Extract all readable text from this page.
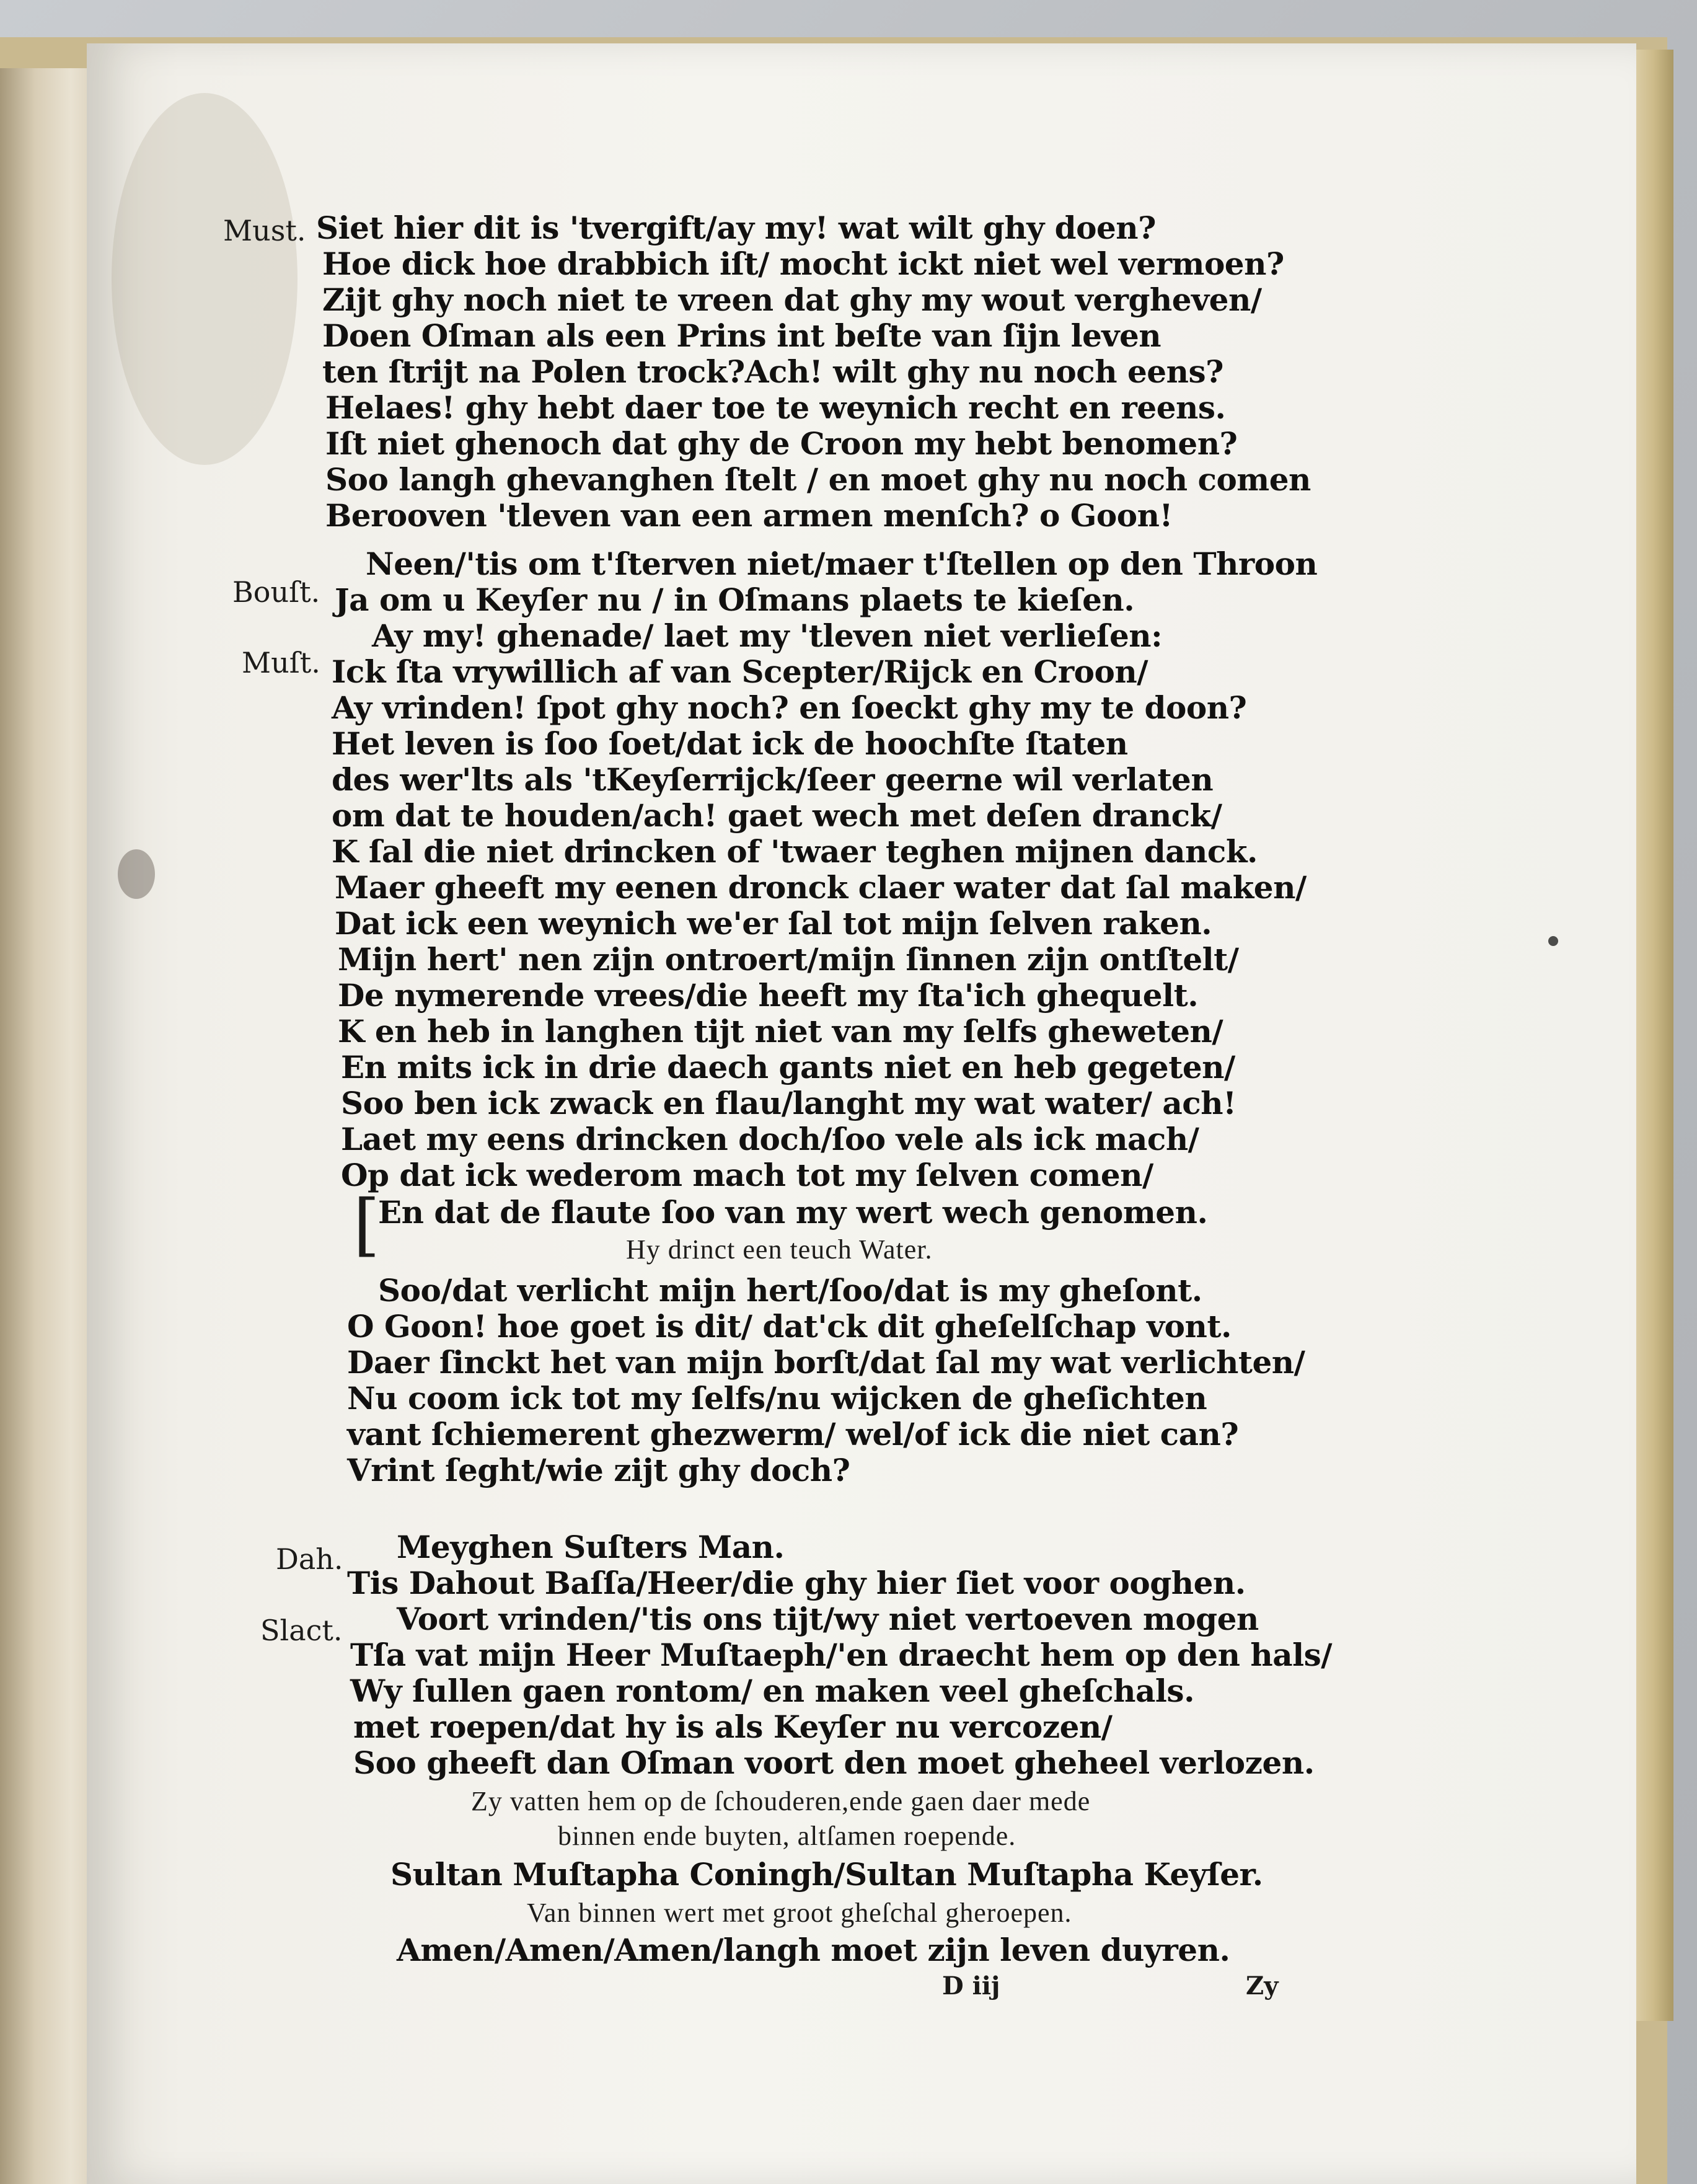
Must.
Bouſt.
Muſt.
Dah.
Slact.
Siet hier dit is 'tvergift/ay my! wat wilt ghy doen?
Hoe dick hoe drabbich iſt/ mocht ickt niet wel vermoen?
Zijt ghy noch niet te vreen dat ghy my wout vergheven/
Doen Oſman als een Prins int beſte van ſijn leven
ten ſtrijt na Polen trock?Ach! wilt ghy nu noch eens?
Helaes! ghy hebt daer toe te weynich recht en reens.
Iſt niet ghenoch dat ghy de Croon my hebt benomen?
Soo langh ghevanghen ſtelt / en moet ghy nu noch comen
Berooven 'tleven van een armen menſch? o Goon!
Neen/'tis om t'ſterven niet/maer t'ſtellen op den Throon
Ja om u Keyſer nu / in Oſmans plaets te kieſen.
Ay my! ghenade/ laet my 'tleven niet verlieſen:
Ick ſta vrywillich af van Scepter/Rijck en Croon/
Ay vrinden! ſpot ghy noch? en ſoeckt ghy my te doon?
Het leven is ſoo ſoet/dat ick de hoochſte ſtaten
des wer'lts als 'tKeyſerrijck/ſeer geerne wil verlaten
om dat te houden/ach! gaet wech met deſen dranck/
K ſal die niet drincken of 'twaer teghen mijnen danck.
Maer gheeft my eenen dronck claer water dat ſal maken/
Dat ick een weynich we'er ſal tot mijn ſelven raken.
Mijn hert' nen zijn ontroert/mijn ſinnen zijn ontſtelt/
De nymerende vrees/die heeft my ſta'ich ghequelt.
K en heb in langhen tijt niet van my ſelfs gheweten/
En mits ick in drie daech gants niet en heb gegeten/
Soo ben ick zwack en flau/langht my wat water/ ach!
Laet my eens drincken doch/ſoo vele als ick mach/
Op dat ick wederom mach tot my ſelven comen/
[
En dat de flaute ſoo van my wert wech genomen.
Hy drinct een teuch Water.
Soo/dat verlicht mijn hert/ſoo/dat is my gheſont.
O Goon! hoe goet is dit/ dat'ck dit gheſelſchap vont.
Daer ſinckt het van mijn borſt/dat ſal my wat verlichten/
Nu coom ick tot my ſelfs/nu wijcken de gheſichten
vant ſchiemerent ghezwerm/ wel/of ick die niet can?
Vrint ſeght/wie zijt ghy doch?
Meyghen Suſters Man.
Tis Dahout Baſſa/Heer/die ghy hier ſiet voor ooghen.
Voort vrinden/'tis ons tijt/wy niet vertoeven mogen
Tſa vat mijn Heer Muſtaeph/'en draecht hem op den hals/
Wy ſullen gaen rontom/ en maken veel gheſchals.
met roepen/dat hy is als Keyſer nu vercozen/
Soo gheeft dan Oſman voort den moet gheheel verlozen.
Zy vatten hem op de ſchouderen,ende gaen daer mede
binnen ende buyten, altſamen roepende.
Sultan Muſtapha Coningh/Sultan Muſtapha Keyſer.
Van binnen wert met groot gheſchal gheroepen.
Amen/Amen/Amen/langh moet zijn leven duyren.
D iij	Zy
